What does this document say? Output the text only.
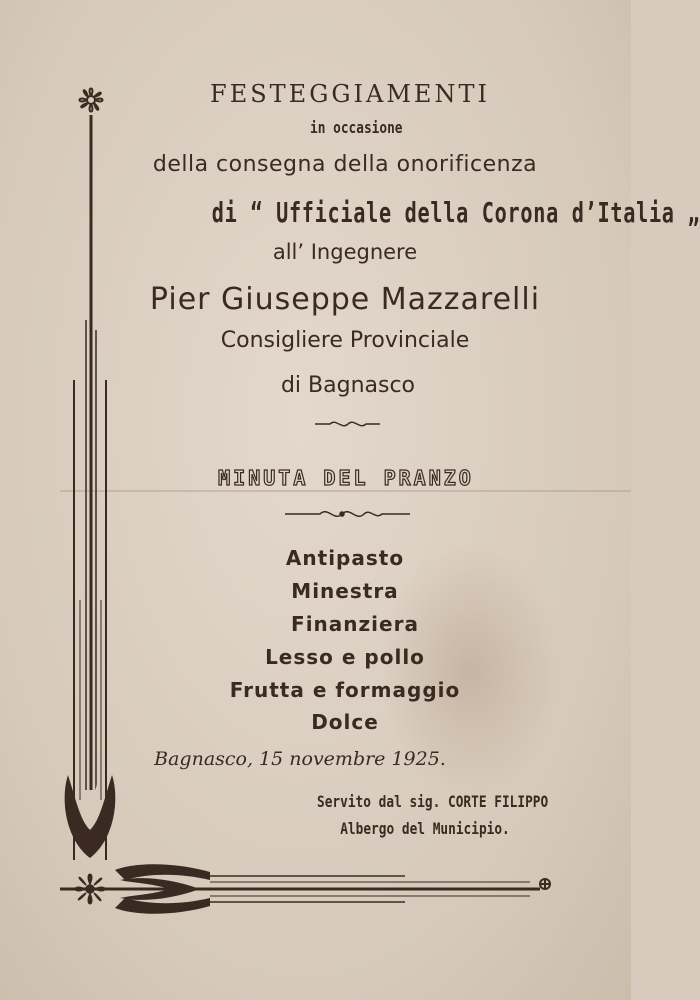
FESTEGGIAMENTI
in occasione
della consegna della onorificenza
di “ Ufficiale della Corona d’Italia „
all’ Ingegnere
Pier Giuseppe Mazzarelli
Consigliere Provinciale
di Bagnasco
MINUTA DEL PRANZO
Antipasto
Minestra
Finanziera
Lesso e pollo
Frutta e formaggio
Dolce
Bagnasco, 15 novembre 1925.
Servito dal sig. CORTE FILIPPO
Albergo del Municipio.
